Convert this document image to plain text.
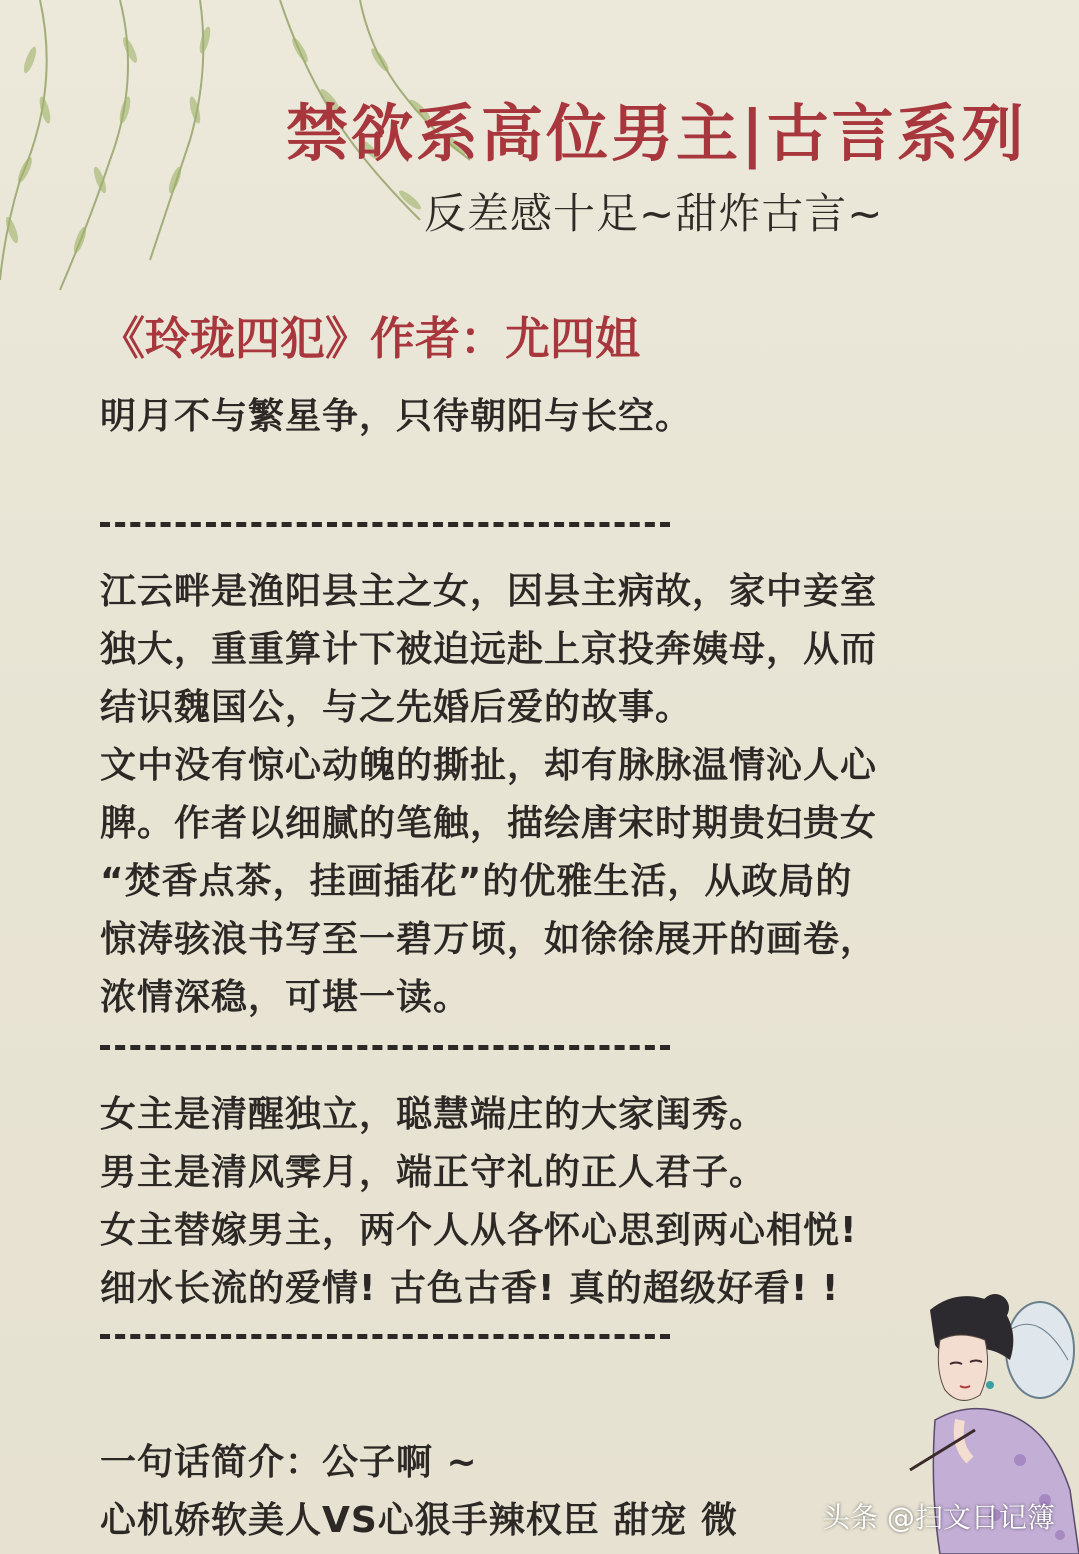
禁欲系高位男主|古言系列
反差感十足~甜炸古言~
《玲珑四犯》作者：尤四姐
明月不与繁星争，只待朝阳与长空。
江云畔是渔阳县主之女，因县主病故，家中妾室
独大，重重算计下被迫远赴上京投奔姨母，从而
结识魏国公，与之先婚后爱的故事。
文中没有惊心动魄的撕扯，却有脉脉温情沁人心
脾。作者以细腻的笔触，描绘唐宋时期贵妇贵女
“焚香点茶，挂画插花”的优雅生活，从政局的
惊涛骇浪书写至一碧万顷，如徐徐展开的画卷，
浓情深稳，可堪一读。
女主是清醒独立，聪慧端庄的大家闺秀。
男主是清风霁月，端正守礼的正人君子。
女主替嫁男主，两个人从各怀心思到两心相悦!
细水长流的爱情! 古色古香! 真的超级好看! !
一句话简介：公子啊 ~
心机娇软美人VS心狠手辣权臣 甜宠 微	头条 @扫文日记簿
